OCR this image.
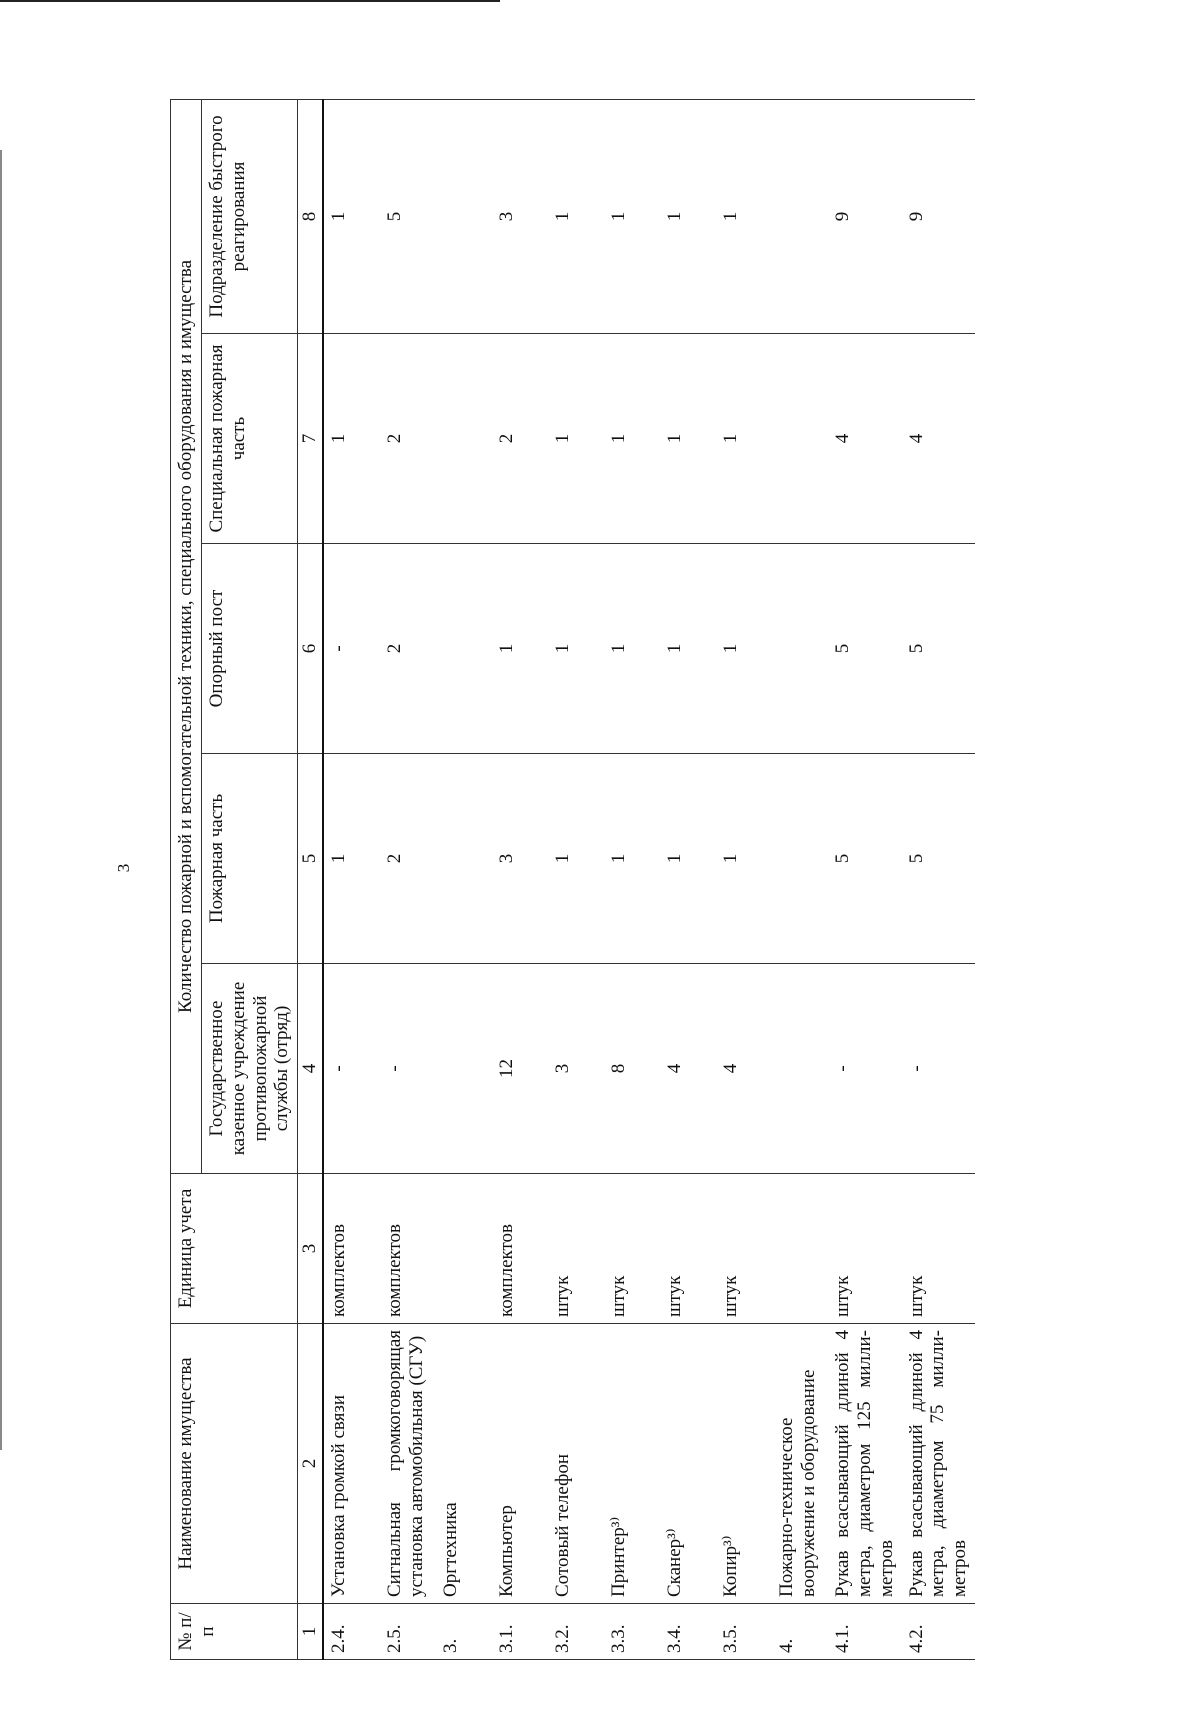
3
№ п/п	Наименование имущества	Единица учета	Количество пожарной и вспомогательной техники, специального оборудования и имущества				
			Государственное казенное учреждение противопожарной службы (отряд)	Пожарная часть	Опорный пост	Специальная пожарная часть	Подразделение быстрого реагирования
1	2	3	4	5	6	7	8
2.4.	Установка громкой связи	комплектов	-	1	-	1	1
2.5.	Сигнальная громкоговорящая установка автомобильная (СГУ)	комплектов	-	2	2	2	5
3.	Оргтехника						
3.1.	Компьютер	комплектов	12	3	1	2	3
3.2.	Сотовый телефон	штук	3	1	1	1	1
3.3.	Принтер³⁾	штук	8	1	1	1	1
3.4.	Сканер³⁾	штук	4	1	1	1	1
3.5.	Копир³⁾	штук	4	1	1	1	1
4.	Пожарно-техническое вооружение и оборудование						
4.1.	Рукав всасывающий длиной 4 метра, диаметром 125 милли-метров	штук	-	5	5	4	9
4.2.	Рукав всасывающий длиной 4 метра, диаметром 75 милли-метров	штук	-	5	5	4	9
